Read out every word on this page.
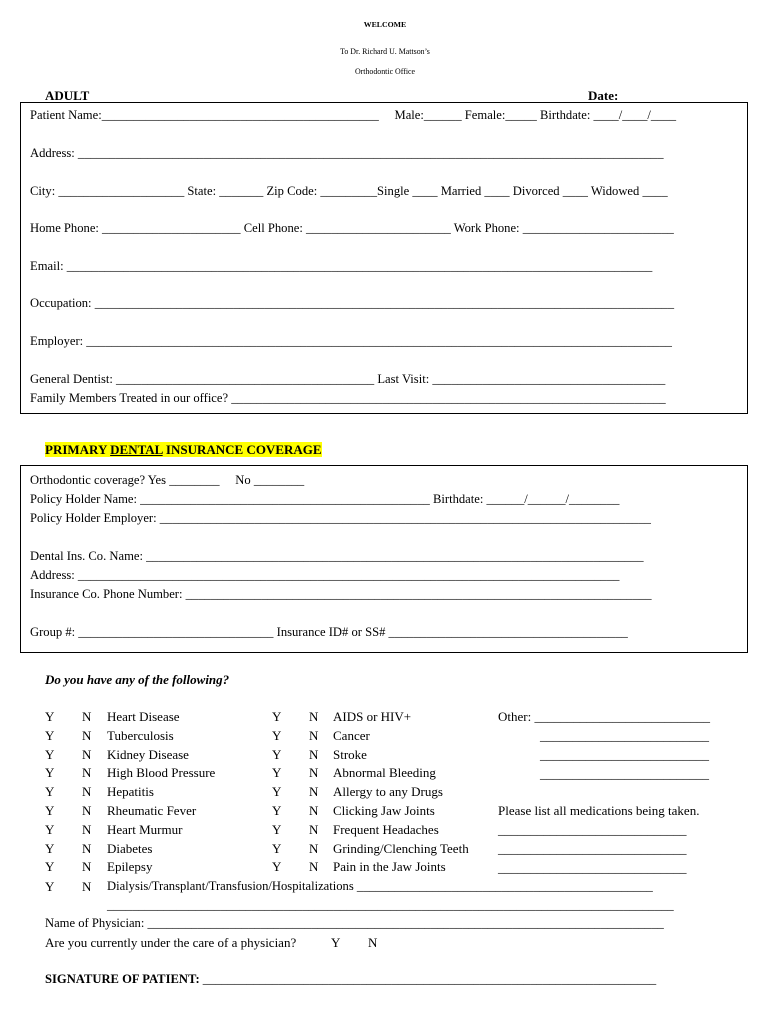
WELCOME
To Dr. Richard U. Mattson’s
Orthodontic Office
ADULT	Date:
Patient Name:____________________________________________     Male:______ Female:_____ Birthdate: ____/____/____
Address: _____________________________________________________________________________________________
City: ____________________ State: _______ Zip Code: _________Single ____ Married ____ Divorced ____ Widowed ____
Home Phone: ______________________ Cell Phone: _______________________ Work Phone: ________________________
Email: _____________________________________________________________________________________________
Occupation: ____________________________________________________________________________________________
Employer: _____________________________________________________________________________________________
General Dentist: _________________________________________ Last Visit: _____________________________________
Family Members Treated in our office? _____________________________________________________________________
PRIMARY DENTAL INSURANCE COVERAGE
Orthodontic coverage? Yes ________     No ________
Policy Holder Name: ______________________________________________ Birthdate: ______/______/________
Policy Holder Employer: ______________________________________________________________________________
Dental Ins. Co. Name: _______________________________________________________________________________
Address: ______________________________________________________________________________________
Insurance Co. Phone Number: __________________________________________________________________________
Group #: _______________________________ Insurance ID# or SS# ______________________________________
Do you have any of the following?
Y N Heart Disease
Y N Tuberculosis
Y N Kidney Disease
Y N High Blood Pressure
Y N Hepatitis
Y N Rheumatic Fever
Y N Heart Murmur
Y N Diabetes
Y N Epilepsy
Y N AIDS or HIV+
Y N Cancer
Y N Stroke
Y N Abnormal Bleeding
Y N Allergy to any Drugs
Y N Clicking Jaw Joints
Y N Frequent Headaches
Y N Grinding/Clenching Teeth
Y N Pain in the Jaw Joints
Other: ___________________________
__________________________
__________________________
__________________________
Please list all medications being taken.
_____________________________
_____________________________
_____________________________
Y N Dialysis/Transplant/Transfusion/Hospitalizations _______________________________________________
__________________________________________________________________________________________
Name of Physician: __________________________________________________________________________________
Are you currently under the care of a physician?	Y N
SIGNATURE OF PATIENT: ________________________________________________________________________
